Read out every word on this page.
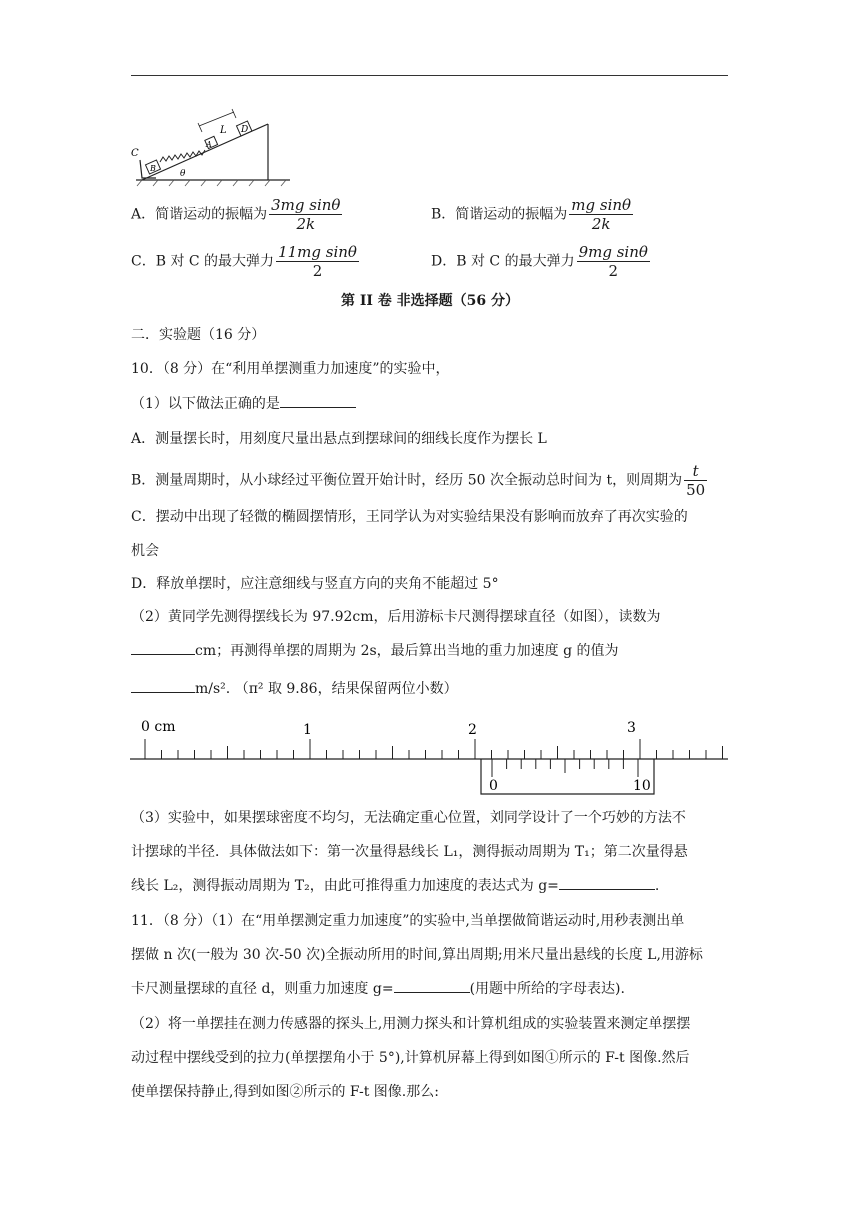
C
B
A
L D
θ
A．简谐运动的振幅为 $\frac{\text{3mg sinθ}}{2k}$	B．简谐运动的振幅为 $\frac{\text{mg sinθ}}{2k}$
C．B 对 C 的最大弹力 $\frac{\text{11mg sinθ}}{2}$	D．B 对 C 的最大弹力 $\frac{\text{9mg sinθ}}{2}$
第 II 卷 非选择题（56 分）
二．实验题（16 分）
10．（8 分）在“利用单摆测重力加速度”的实验中，
（1）以下做法正确的是
A．测量摆长时，用刻度尺量出悬点到摆球间的细线长度作为摆长 L
B．测量周期时，从小球经过平衡位置开始计时，经历 50 次全振动总时间为 t，则周期为 $\frac{t}{50}$
C．摆动中出现了轻微的椭圆摆情形，王同学认为对实验结果没有影响而放弃了再次实验的
机会
D．释放单摆时，应注意细线与竖直方向的夹角不能超过 5°
（2）黄同学先测得摆线长为 97.92cm，后用游标卡尺测得摆球直径（如图），读数为
cm；再测得单摆的周期为 2s，最后算出当地的重力加速度 g 的值为
m/s². （π² 取 9.86，结果保留两位小数）
0 cm	1	2	3
0	10
（3）实验中，如果摆球密度不均匀，无法确定重心位置，刘同学设计了一个巧妙的方法不
计摆球的半径．具体做法如下：第一次量得悬线长 L₁，测得振动周期为 T₁；第二次量得悬
线长 L₂，测得振动周期为 T₂，由此可推得重力加速度的表达式为 g=	.
11．（8 分）（1）在“用单摆测定重力加速度”的实验中,当单摆做简谐运动时,用秒表测出单
摆做 n 次(一般为 30 次-50 次)全振动所用的时间,算出周期;用米尺量出悬线的长度 L,用游标
卡尺测量摆球的直径 d，则重力加速度 g=	(用题中所给的字母表达).
（2）将一单摆挂在测力传感器的探头上,用测力探头和计算机组成的实验装置来测定单摆摆
动过程中摆线受到的拉力(单摆摆角小于 5°),计算机屏幕上得到如图①所示的 F-t 图像.然后
使单摆保持静止,得到如图②所示的 F-t 图像.那么:
